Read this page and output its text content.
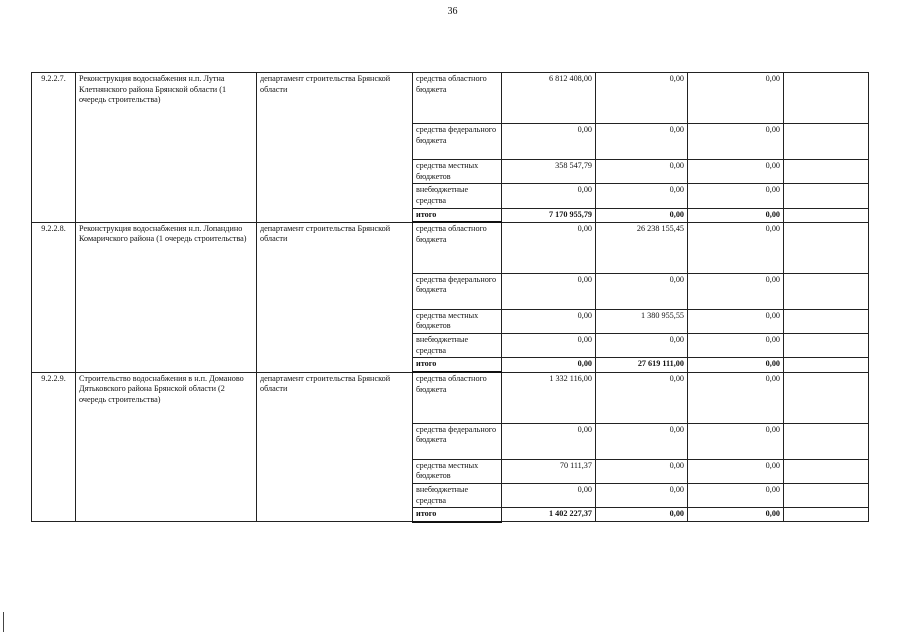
36
9.2.2.7.	Реконструкция водоснабжения н.п. Лутна Клетнянского района Брянской области (1 очередь строительства)	департамент строительства Брянской области	средства областного бюджета	6 812 408,00	0,00	0,00	
			средства федерального бюджета	0,00	0,00	0,00	
			средства местных бюджетов	358 547,79	0,00	0,00	
			внебюджетные средства	0,00	0,00	0,00	
			итого	7 170 955,79	0,00	0,00	
9.2.2.8.	Реконструкция водоснабжения н.п. Лопандино Комаричского района (1 очередь строительства)	департамент строительства Брянской области	средства областного бюджета	0,00	26 238 155,45	0,00	
			средства федерального бюджета	0,00	0,00	0,00	
			средства местных бюджетов	0,00	1 380 955,55	0,00	
			внебюджетные средства	0,00	0,00	0,00	
			итого	0,00	27 619 111,00	0,00	
9.2.2.9.	Строительство водоснабжения в н.п. Доманово Дятьковского района Брянской области (2 очередь строительства)	департамент строительства Брянской области	средства областного бюджета	1 332 116,00	0,00	0,00	
			средства федерального бюджета	0,00	0,00	0,00	
			средства местных бюджетов	70 111,37	0,00	0,00	
			внебюджетные средства	0,00	0,00	0,00	
			итого	1 402 227,37	0,00	0,00	
